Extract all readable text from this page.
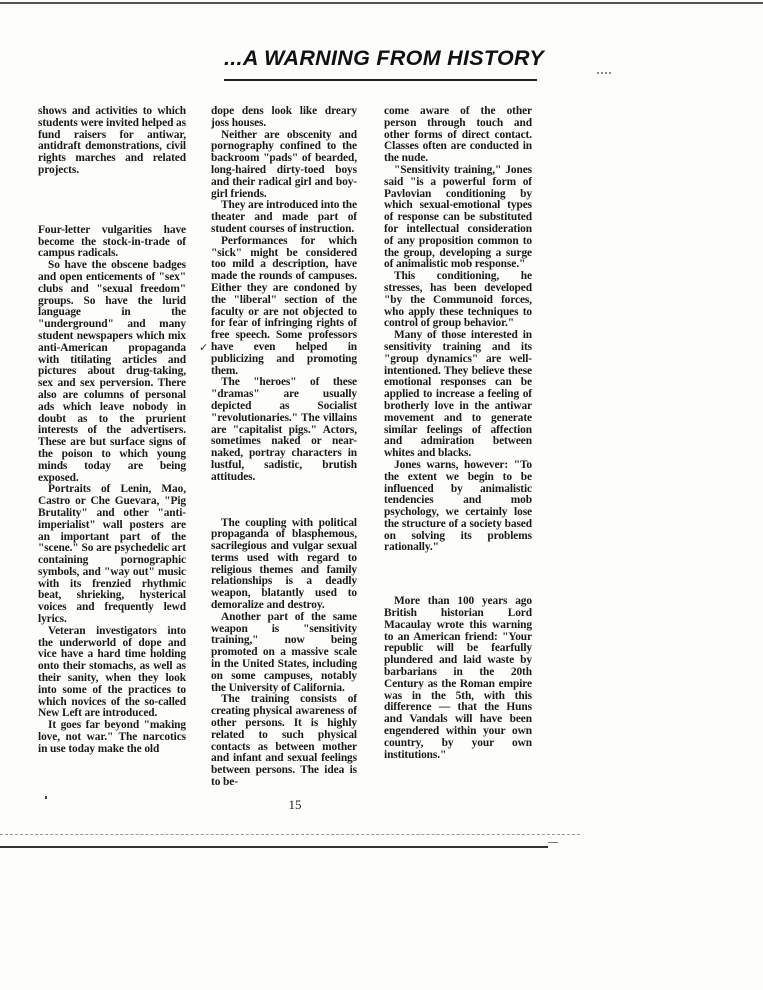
...A WARNING FROM HISTORY

shows and activities to which students were invited helped as fund raisers for antiwar, antidraft demonstrations, civil rights marches and related projects.

Four-letter vulgarities have become the stock-in-trade of campus radicals.

So have the obscene badges and open enticements of "sex" clubs and "sexual freedom" groups. So have the lurid language in the "underground" and many student newspapers which mix anti-American propaganda with titilating articles and pictures about drug-taking, sex and sex perversion. There also are columns of personal ads which leave nobody in doubt as to the prurient interests of the advertisers. These are but surface signs of the poison to which young minds today are being exposed.

Portraits of Lenin, Mao, Castro or Che Guevara, "Pig Brutality" and other "anti-imperialist" wall posters are an important part of the "scene." So are psychedelic art containing pornographic symbols, and "way out" music with its frenzied rhythmic beat, shrieking, hysterical voices and frequently lewd lyrics.

Veteran investigators into the underworld of dope and vice have a hard time holding onto their stomachs, as well as their sanity, when they look into some of the practices to which novices of the so-called New Left are introduced.

It goes far beyond "making love, not war." The narcotics in use today make the old

dope dens look like dreary joss houses.

Neither are obscenity and pornography confined to the backroom "pads" of bearded, long-haired dirty-toed boys and their radical girl and boy-girl friends.

They are introduced into the theater and made part of student courses of instruction.

Performances for which "sick" might be considered too mild a description, have made the rounds of campuses. Either they are condoned by the "liberal" section of the faculty or are not objected to for fear of infringing rights of free speech. Some professors have even helped in publicizing and promoting them.

The "heroes" of these "dramas" are usually depicted as Socialist "revolutionaries." The villains are "capitalist pigs." Actors, sometimes naked or near-naked, portray characters in lustful, sadistic, brutish attitudes.

The coupling with political propaganda of blasphemous, sacrilegious and vulgar sexual terms used with regard to religious themes and family relationships is a deadly weapon, blatantly used to demoralize and destroy.

Another part of the same weapon is "sensitivity training," now being promoted on a massive scale in the United States, including on some campuses, notably the University of California.

The training consists of creating physical awareness of other persons. It is highly related to such physical contacts as between mother and infant and sexual feelings between persons. The idea is to be-

come aware of the other person through touch and other forms of direct contact. Classes often are conducted in the nude.

"Sensitivity training," Jones said "is a powerful form of Pavlovian conditioning by which sexual-emotional types of response can be substituted for intellectual consideration of any proposition common to the group, developing a surge of animalistic mob response."

This conditioning, he stresses, has been developed "by the Communoid forces, who apply these techniques to control of group behavior."

Many of those interested in sensitivity training and its "group dynamics" are well-intentioned. They believe these emotional responses can be applied to increase a feeling of brotherly love in the antiwar movement and to generate similar feelings of affection and admiration between whites and blacks.

Jones warns, however: "To the extent we begin to be influenced by animalistic tendencies and mob psychology, we certainly lose the structure of a society based on solving its problems rationally."

More than 100 years ago British historian Lord Macaulay wrote this warning to an American friend: "Your republic will be fearfully plundered and laid waste by barbarians in the 20th Century as the Roman empire was in the 5th, with this difference — that the Huns and Vandals will have been engendered within your own country, by your own institutions."

✓
15
